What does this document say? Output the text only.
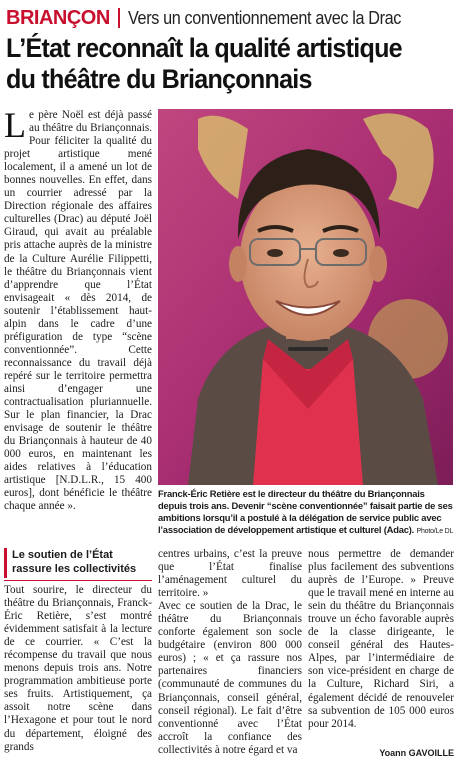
BRIANÇON Vers un conventionnement avec la Drac
L’État reconnaît la qualité artistique
du théâtre du Briançonnais
L e père Noël est déjà passé au théâtre du Briançonnais. Pour féliciter la qualité du projet artistique mené localement, il a amené un lot de bonnes nouvelles. En effet, dans un courrier adressé par la Direction régionale des affaires culturelles (Drac) au député Joël Giraud, qui avait au préalable pris attache auprès de la ministre de la Culture Aurélie Filippetti, le théâtre du Briançonnais vient d’apprendre que l’État envisageait « dès 2014, de soutenir l’établissement haut-alpin dans le cadre d’une préfiguration de type “scène conventionnée”. Cette reconnaissance du travail déjà repéré sur le territoire permettra ainsi d’engager une contractualisation pluriannuelle. Sur le plan financier, la Drac envisage de soutenir le théâtre du Briançonnais à hauteur de 40 000 euros, en maintenant les aides relatives à l’éducation artistique [N.D.L.R., 15 400 euros], dont bénéficie le théâtre chaque année ».

Franck-Éric Retière est le directeur du théâtre du Briançonnais depuis trois ans. Devenir “scène conventionnée” faisait partie de ses ambitions lorsqu’il a postulé à la délégation de service public avec l’association de développement artistique et culturel (Adac). Photo/Le DL
Le soutien de l’État
rassure les collectivités

Tout sourire, le directeur du théâtre du Briançonnais, Franck-Éric Retière, s’est montré évidemment satisfait à la lecture de ce courrier. « C’est la récompense du travail que nous menons depuis trois ans. Notre programmation ambitieuse porte ses fruits. Artistiquement, ça assoit notre scène dans l’Hexagone et pour tout le nord du département, éloigné des grands

centres urbains, c’est la preuve que l’État finalise l’aménagement culturel du territoire. »
Avec ce soutien de la Drac, le théâtre du Briançonnais conforte également son socle budgétaire (environ 800 000 euros) ; « et ça rassure nos partenaires financiers (communauté de communes du Briançonnais, conseil général, conseil régional). Le fait d’être conventionné avec l’État accroît la confiance des collectivités à notre égard et va

nous permettre de demander plus facilement des subventions auprès de l’Europe. » Preuve que le travail mené en interne au sein du théâtre du Briançonnais trouve un écho favorable auprès de la classe dirigeante, le conseil général des Hautes-Alpes, par l’intermédiaire de son vice-président en charge de la Culture, Richard Siri, a également décidé de renouveler sa subvention de 105 000 euros pour 2014.

Yoann GAVOILLE
